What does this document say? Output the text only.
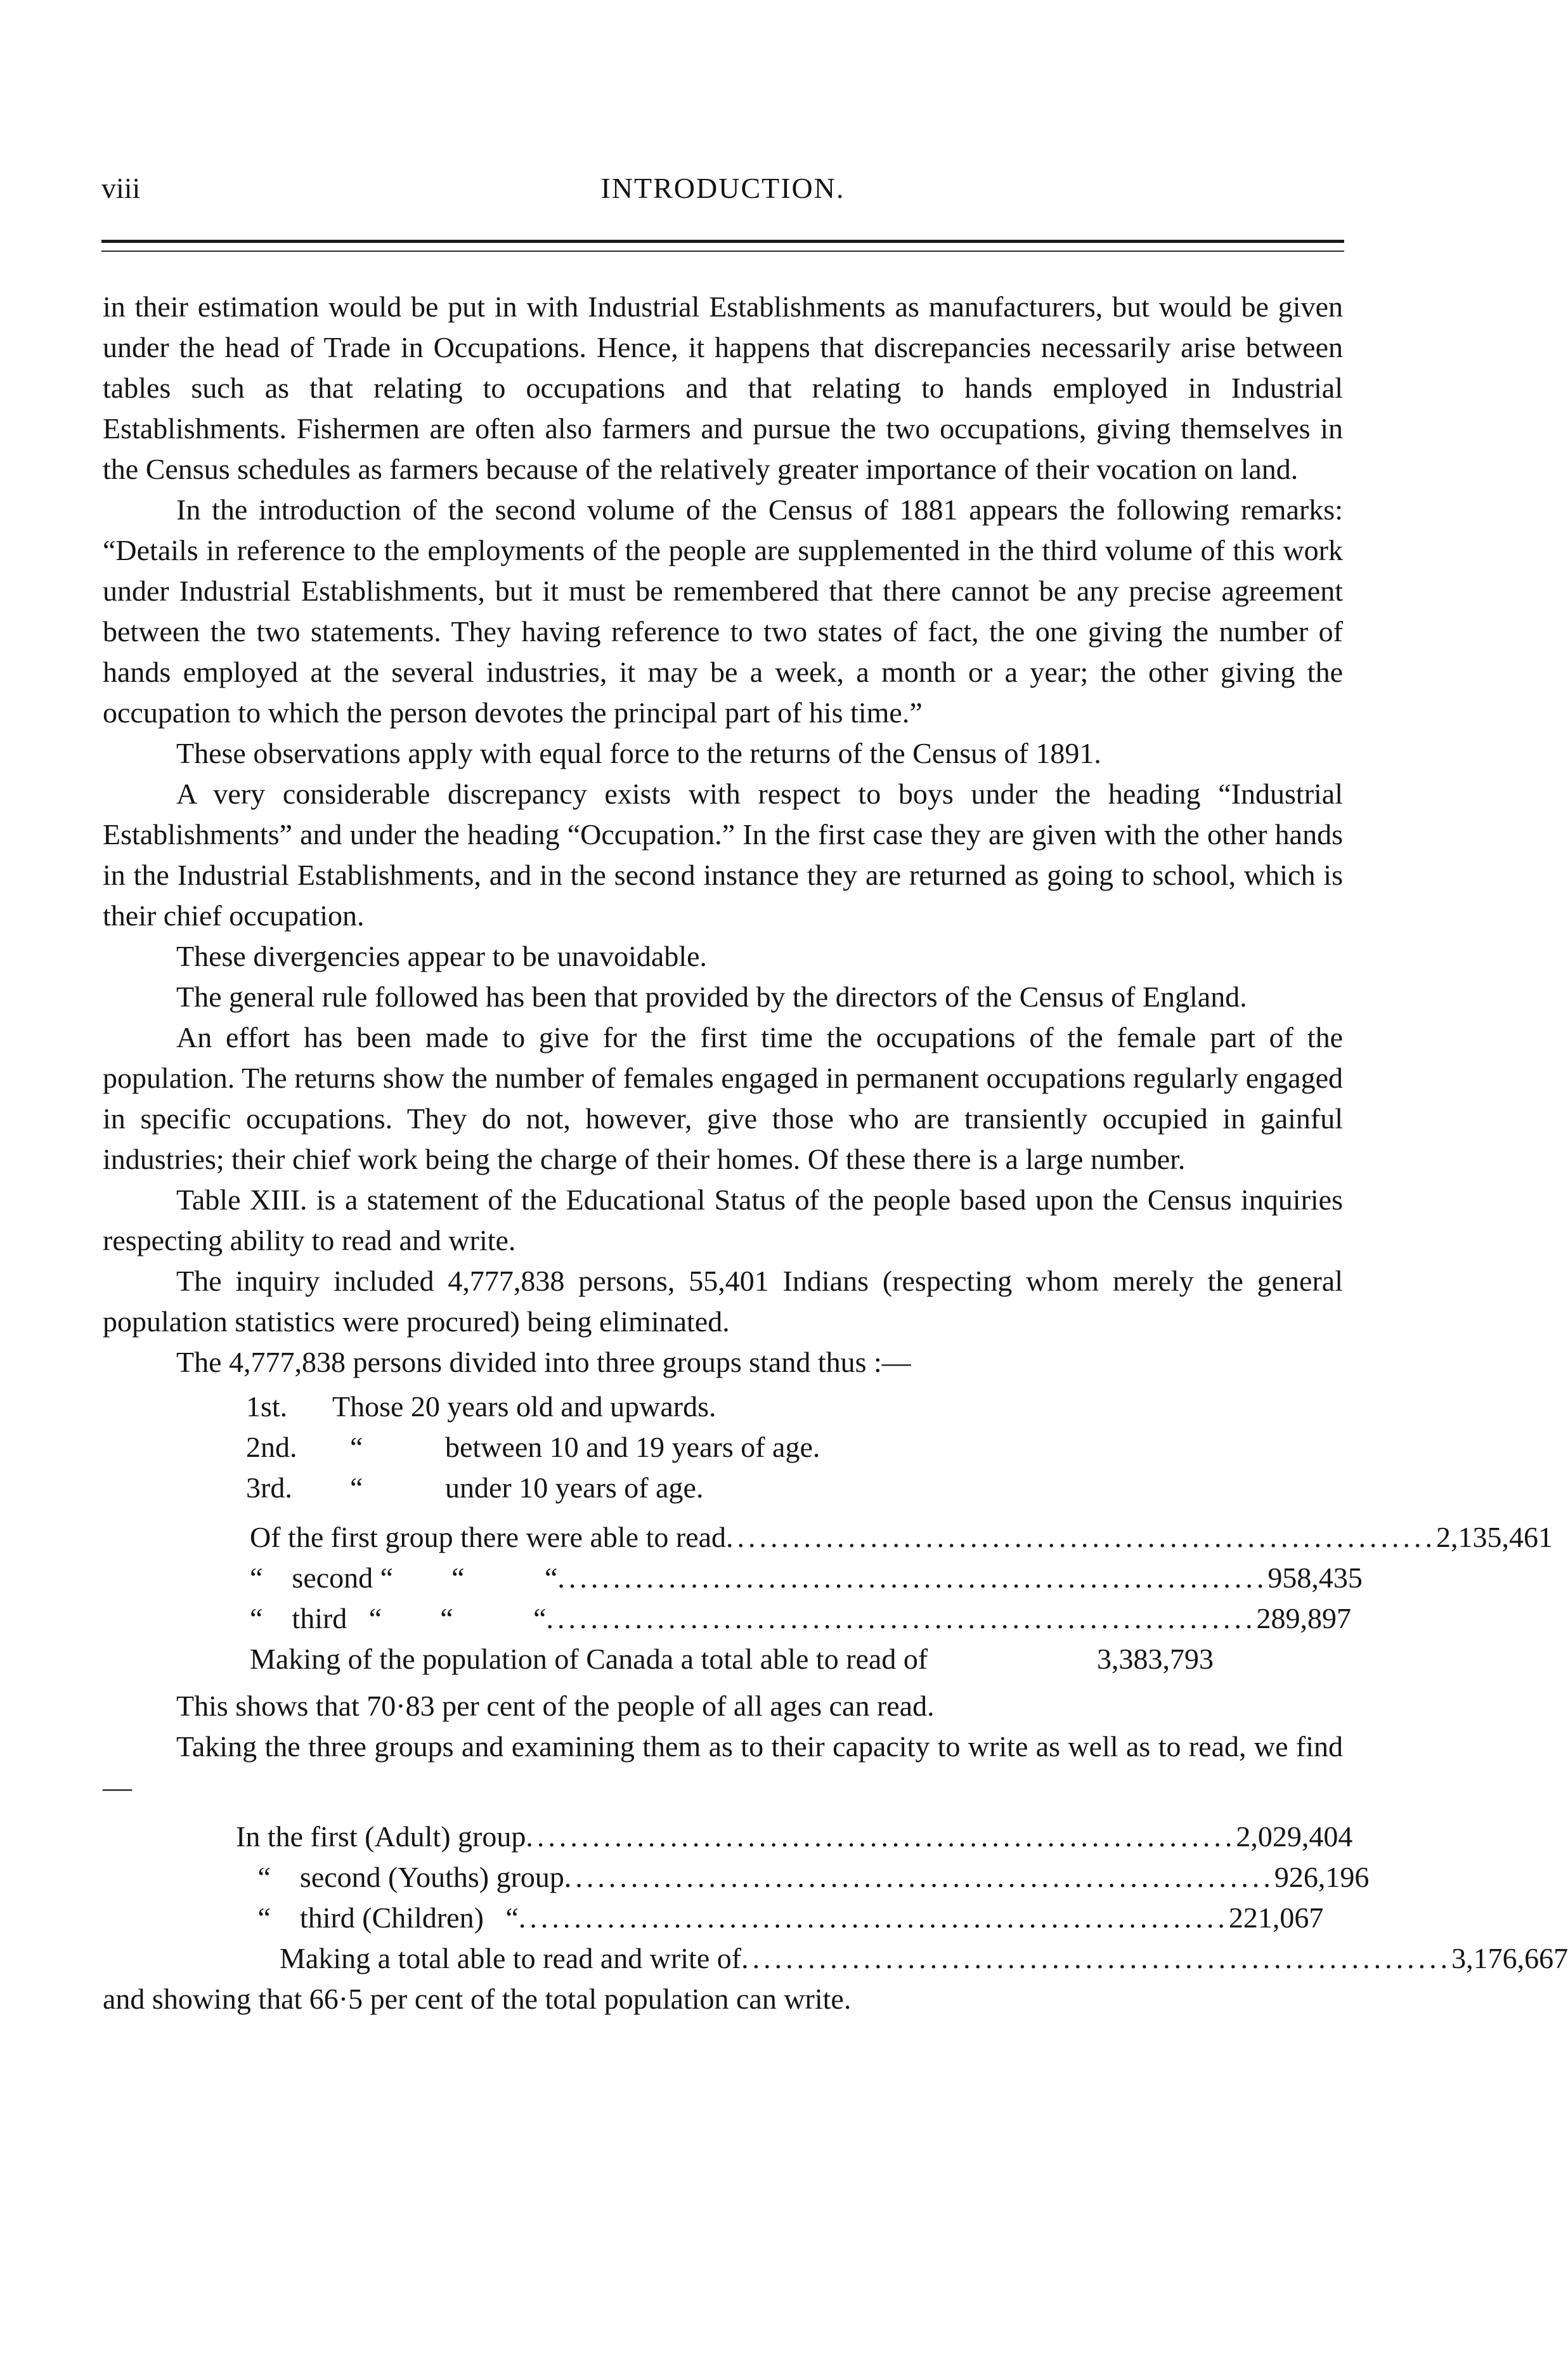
viii	INTRODUCTION.

in their estimation would be put in with Industrial Establishments as manufacturers, but would be given under the head of Trade in Occupations. Hence, it happens that discrepancies necessarily arise between tables such as that relating to occupations and that relating to hands employed in Industrial Establishments. Fishermen are often also farmers and pursue the two occupations, giving themselves in the Census schedules as farmers because of the relatively greater importance of their vocation on land.

In the introduction of the second volume of the Census of 1881 appears the following remarks: “Details in reference to the employments of the people are supplemented in the third volume of this work under Industrial Establishments, but it must be remembered that there cannot be any precise agreement between the two statements. They having reference to two states of fact, the one giving the number of hands employed at the several industries, it may be a week, a month or a year; the other giving the occupation to which the person devotes the principal part of his time.”

These observations apply with equal force to the returns of the Census of 1891.

A very considerable discrepancy exists with respect to boys under the heading “Industrial Establishments” and under the heading “Occupation.” In the first case they are given with the other hands in the Industrial Establishments, and in the second instance they are returned as going to school, which is their chief occupation.

These divergencies appear to be unavoidable.

The general rule followed has been that provided by the directors of the Census of England.

An effort has been made to give for the first time the occupations of the female part of the population. The returns show the number of females engaged in permanent occupations regularly engaged in specific occupations. They do not, however, give those who are transiently occupied in gainful industries; their chief work being the charge of their homes. Of these there is a large number.

Table XIII. is a statement of the Educational Status of the people based upon the Census inquiries respecting ability to read and write.

The inquiry included 4,777,838 persons, 55,401 Indians (respecting whom merely the general population statistics were procured) being eliminated.

The 4,777,838 persons divided into three groups stand thus :—

1st.	Those 20 years old and upwards.
2nd.	“	between 10 and 19 years of age.
3rd.	“	under 10 years of age.
Of the first group there were able to read ................................................................ 2,135,461
“    second “        “           “ ................................................................ 958,435
“    third   “        “           “ ................................................................ 289,897
Making of the population of Canada a total able to read of	3,383,793

This shows that 70·83 per cent of the people of all ages can read.

Taking the three groups and examining them as to their capacity to write as well as to read, we find—

In the first (Adult) group ................................................................ 2,029,404
“    second (Youths) group ................................................................ 926,196
“    third (Children)   “ ................................................................ 221,067
Making a total able to read and write of ................................................................ 3,176,667

and showing that 66·5 per cent of the total population can write.
